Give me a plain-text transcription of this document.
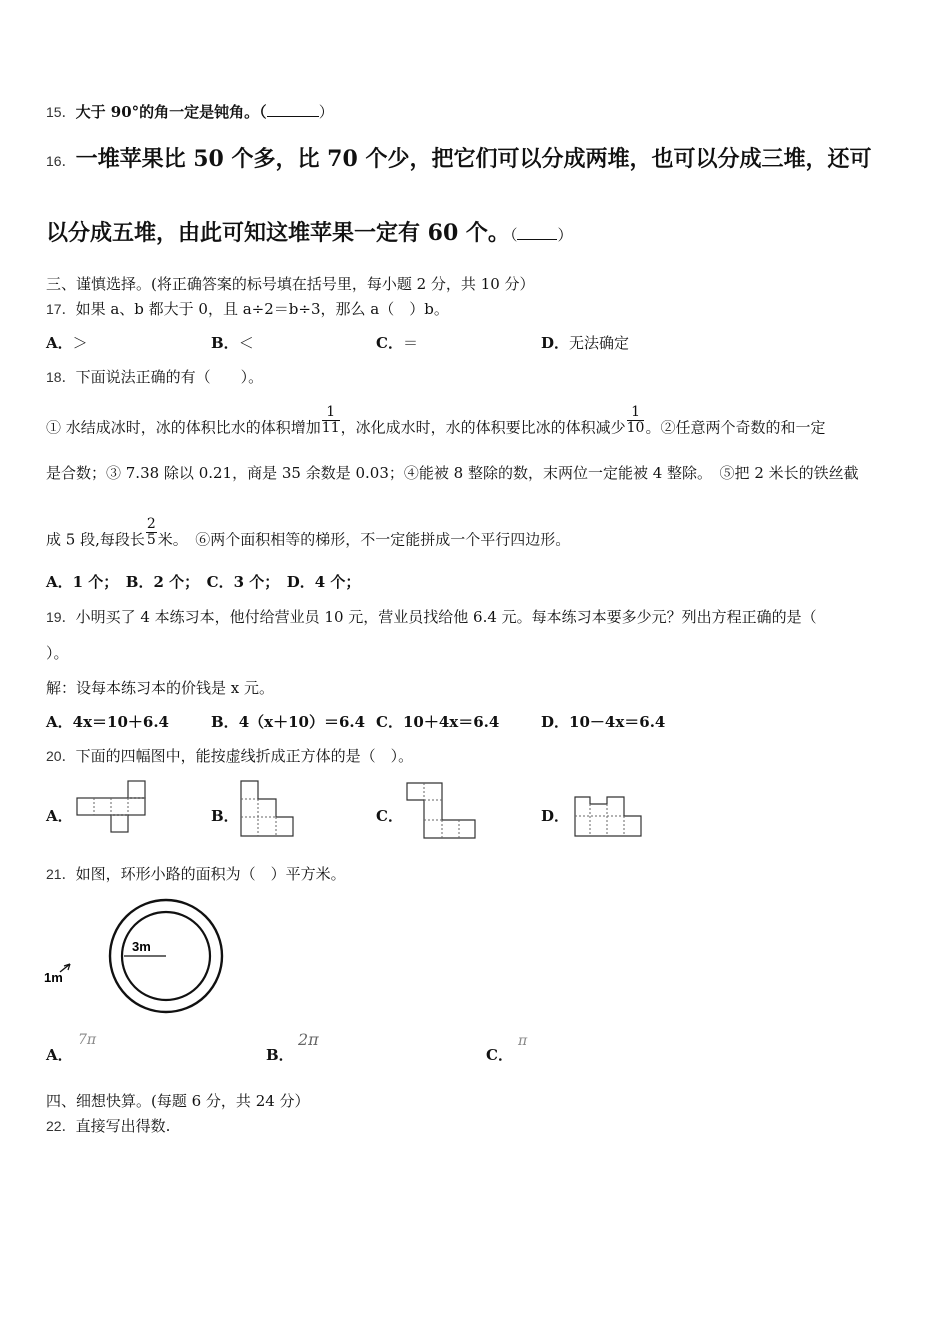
15．大于 90°的角一定是钝角。（	）
16．一堆苹果比 50 个多，比 70 个少，把它们可以分成两堆，也可以分成三堆，还可
以分成五堆，由此可知这堆苹果一定有 60 个。（	）
三、谨慎选择。(将正确答案的标号填在括号里，每小题 2 分，共 10 分）
17．如果 a、b 都大于 0，且 a÷2＝b÷3，那么 a（　）b。
A．＞	B．＜	C．＝	D．无法确定
18．下面说法正确的有（　　）。
① 水结成冰时，冰的体积比水的体积增加 $\frac{1}{11}$ ，冰化成水时，水的体积要比冰的体积减少 $\frac{1}{10}$ 。②任意两个奇数的和一定
是合数；③ 7.38 除以 0.21，商是 35 余数是 0.03；④能被 8 整除的数，末两位一定能被 4 整除。　⑤把 2 米长的铁丝截
成 5 段,每段长 $\frac{2}{5}$ 米。　⑥两个面积相等的梯形，不一定能拼成一个平行四边形。
A．1 个；　B．2 个；　C．3 个；　D．4 个；
19．小明买了 4 本练习本，他付给营业员 10 元，营业员找给他 6.4 元。每本练习本要多少元？列出方程正确的是（
）。
解：设每本练习本的价钱是 x 元。
A．4x＝10＋6.4	B．4（x＋10）＝6.4 C．10＋4x＝6.4	D．10－4x＝6.4
20．下面的四幅图中，能按虚线折成正方体的是（　）。
A．	B．	C．	D．
21．如图，环形小路的面积为（　）平方米。
3m
1m
A．
7π
B．
2π
C．
π
四、细想快算。(每题 6 分，共 24 分）
22．直接写出得数.
